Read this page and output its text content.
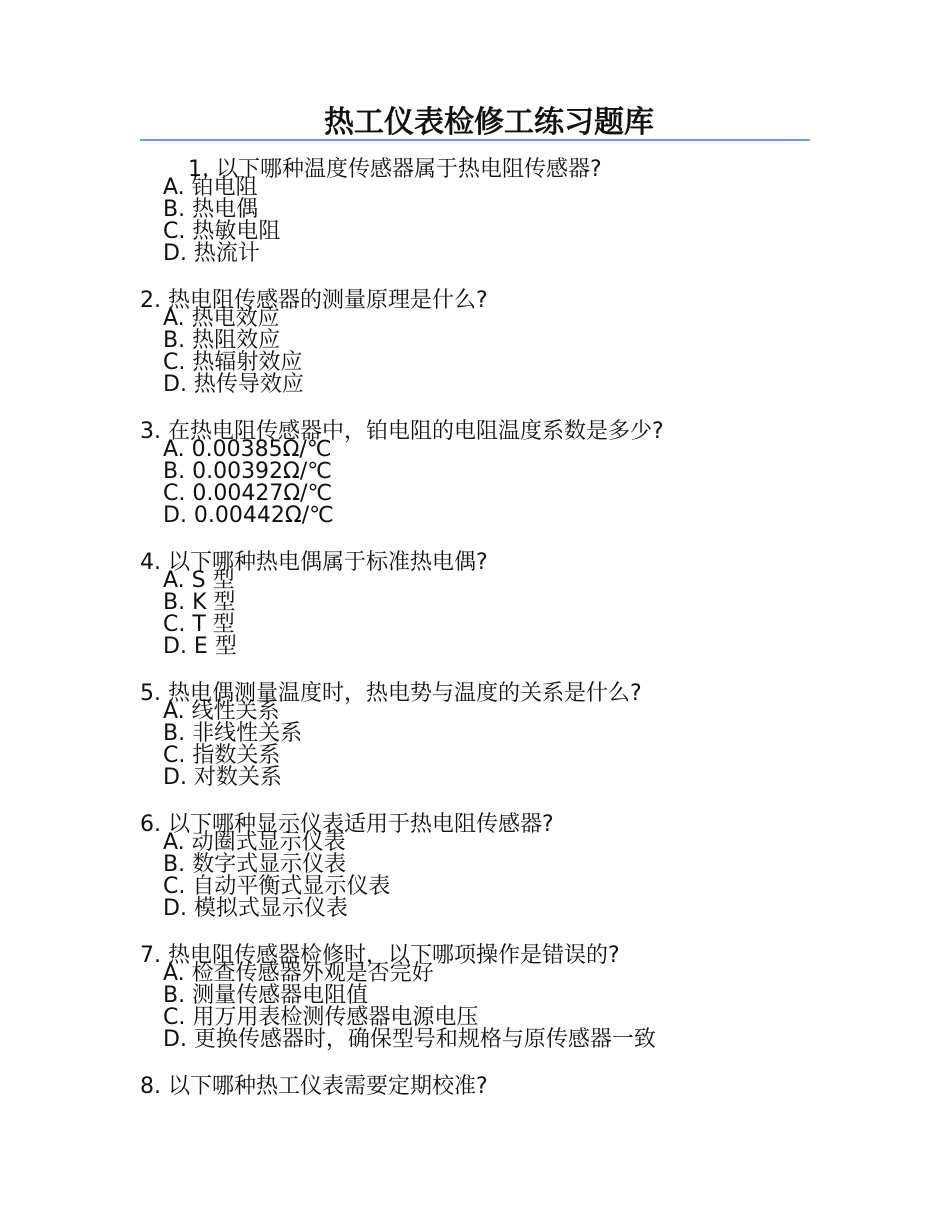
热工仪表检修工练习题库
1. 以下哪种温度传感器属于热电阻传感器?
A. 铂电阻
B. 热电偶
C. 热敏电阻
D. 热流计
2. 热电阻传感器的测量原理是什么?
A. 热电效应
B. 热阻效应
C. 热辐射效应
D. 热传导效应
3. 在热电阻传感器中，铂电阻的电阻温度系数是多少?
A. 0.00385Ω/℃
B. 0.00392Ω/℃
C. 0.00427Ω/℃
D. 0.00442Ω/℃
4. 以下哪种热电偶属于标准热电偶?
A. S 型
B. K 型
C. T 型
D. E 型
5. 热电偶测量温度时，热电势与温度的关系是什么?
A. 线性关系
B. 非线性关系
C. 指数关系
D. 对数关系
6. 以下哪种显示仪表适用于热电阻传感器?
A. 动圈式显示仪表
B. 数字式显示仪表
C. 自动平衡式显示仪表
D. 模拟式显示仪表
7. 热电阻传感器检修时，以下哪项操作是错误的?
A. 检查传感器外观是否完好
B. 测量传感器电阻值
C. 用万用表检测传感器电源电压
D. 更换传感器时，确保型号和规格与原传感器一致
8. 以下哪种热工仪表需要定期校准?
